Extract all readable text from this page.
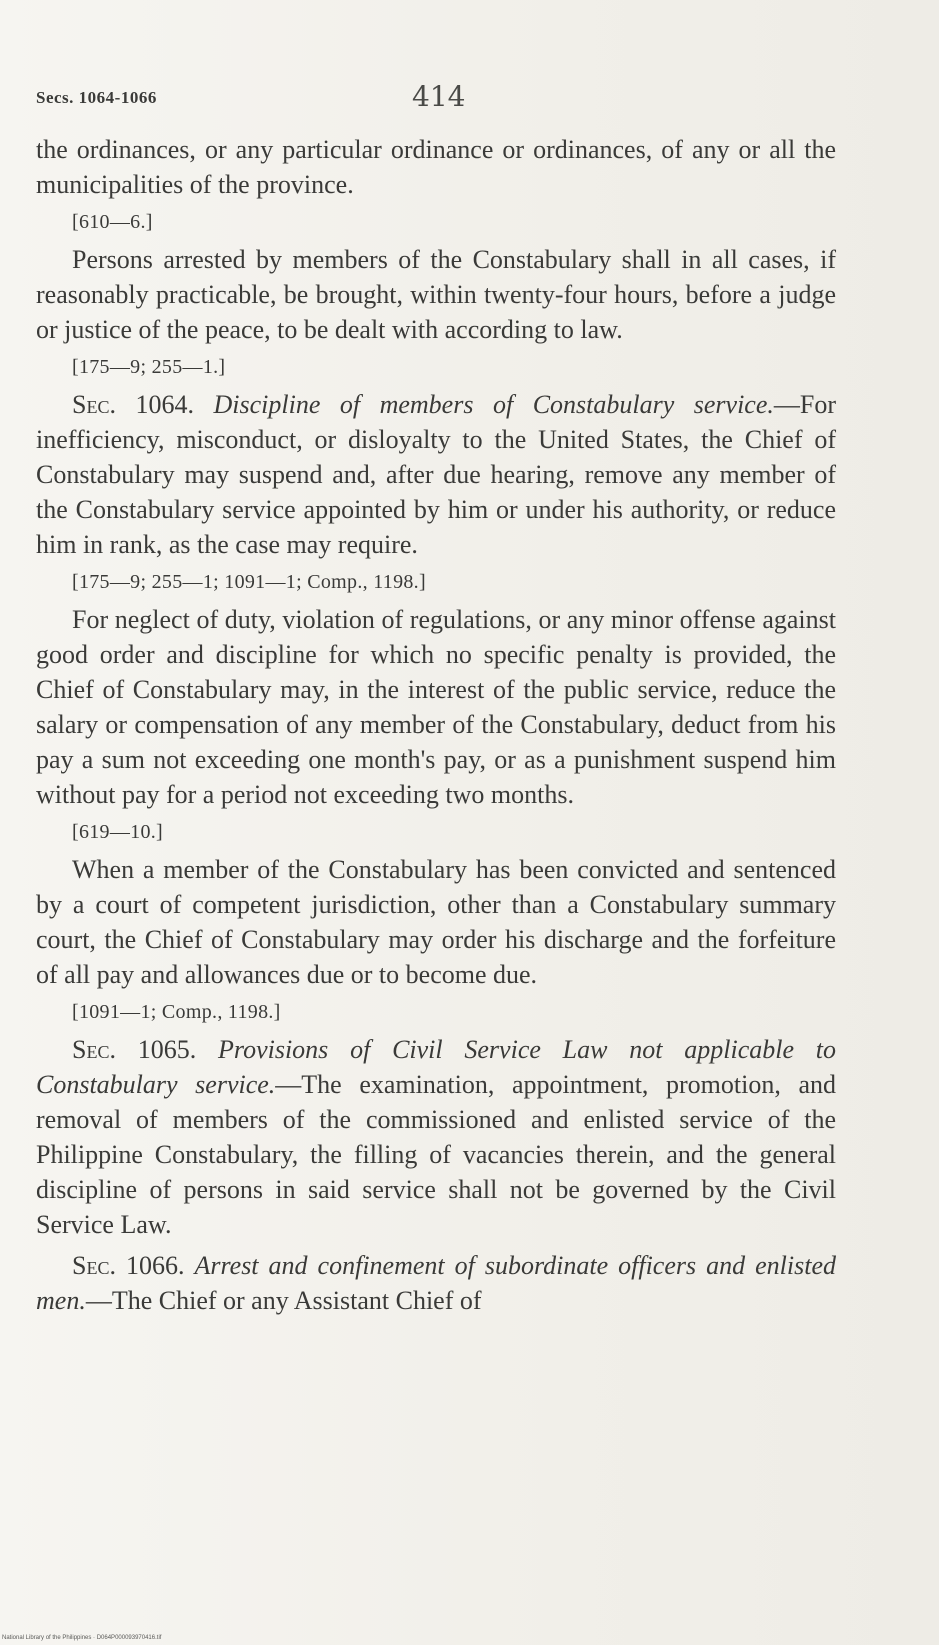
Secs. 1064-1066	414

the ordinances, or any particular ordinance or ordinances, of any or all the municipalities of the province.

[610—6.]

Persons arrested by members of the Constabulary shall in all cases, if reasonably practicable, be brought, within twenty-four hours, before a judge or justice of the peace, to be dealt with according to law.

[175—9; 255—1.]

Sec. 1064. Discipline of members of Constabulary service.—For inefficiency, misconduct, or disloyalty to the United States, the Chief of Constabulary may suspend and, after due hearing, remove any member of the Constabulary service appointed by him or under his authority, or reduce him in rank, as the case may require.

[175—9; 255—1; 1091—1; Comp., 1198.]

For neglect of duty, violation of regulations, or any minor offense against good order and discipline for which no specific penalty is provided, the Chief of Constabulary may, in the interest of the public service, reduce the salary or compensation of any member of the Constabulary, deduct from his pay a sum not exceeding one month's pay, or as a punishment suspend him without pay for a period not exceeding two months.

[619—10.]

When a member of the Constabulary has been convicted and sentenced by a court of competent jurisdiction, other than a Constabulary summary court, the Chief of Constabulary may order his discharge and the forfeiture of all pay and allowances due or to become due.

[1091—1; Comp., 1198.]

Sec. 1065. Provisions of Civil Service Law not applicable to Constabulary service.—The examination, appointment, promotion, and removal of members of the commissioned and enlisted service of the Philippine Constabulary, the filling of vacancies therein, and the general discipline of persons in said service shall not be governed by the Civil Service Law.

Sec. 1066. Arrest and confinement of subordinate officers and enlisted men.—The Chief or any Assistant Chief of

National Library of the Philippines · D064P000093970416.tif
